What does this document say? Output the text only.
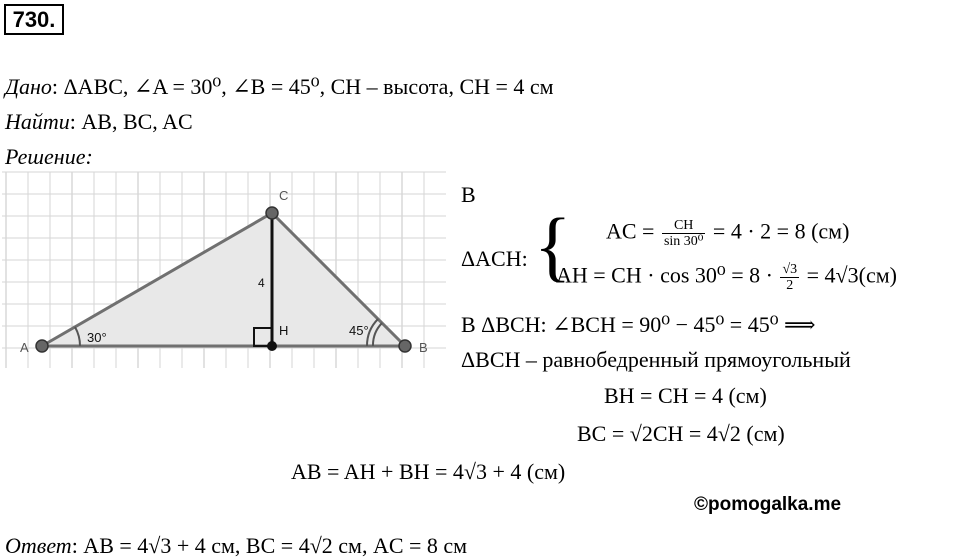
730.
Дано: ΔABC, ∠A = 30⁰, ∠B = 45⁰, CH – высота, CH = 4 см
Найти: AB, BC, AC
Решение:
A	B
C
H
30°	45°
4
В
ΔACH: { AC = $\frac{CH}{\text{sin 30⁰}} = 4 \cdot 2 = 8$ (см)
AH = CH · $\cos 30^0 = 8 \cdot \frac{√3}{2} = 4√3(см)$
В ΔBCH: ∠BCH = 90⁰ − 45⁰ = 45⁰ ⟹
ΔBCH – равнобедренный прямоугольный
BH = CH = 4 (см)
BC = √2CH = 4√2 (см)
AB = AH + BH = 4√3 + 4 (см)
©pomogalka.me
Ответ: AB = 4√3 + 4 см, BC = 4√2 см, AC = 8 см
